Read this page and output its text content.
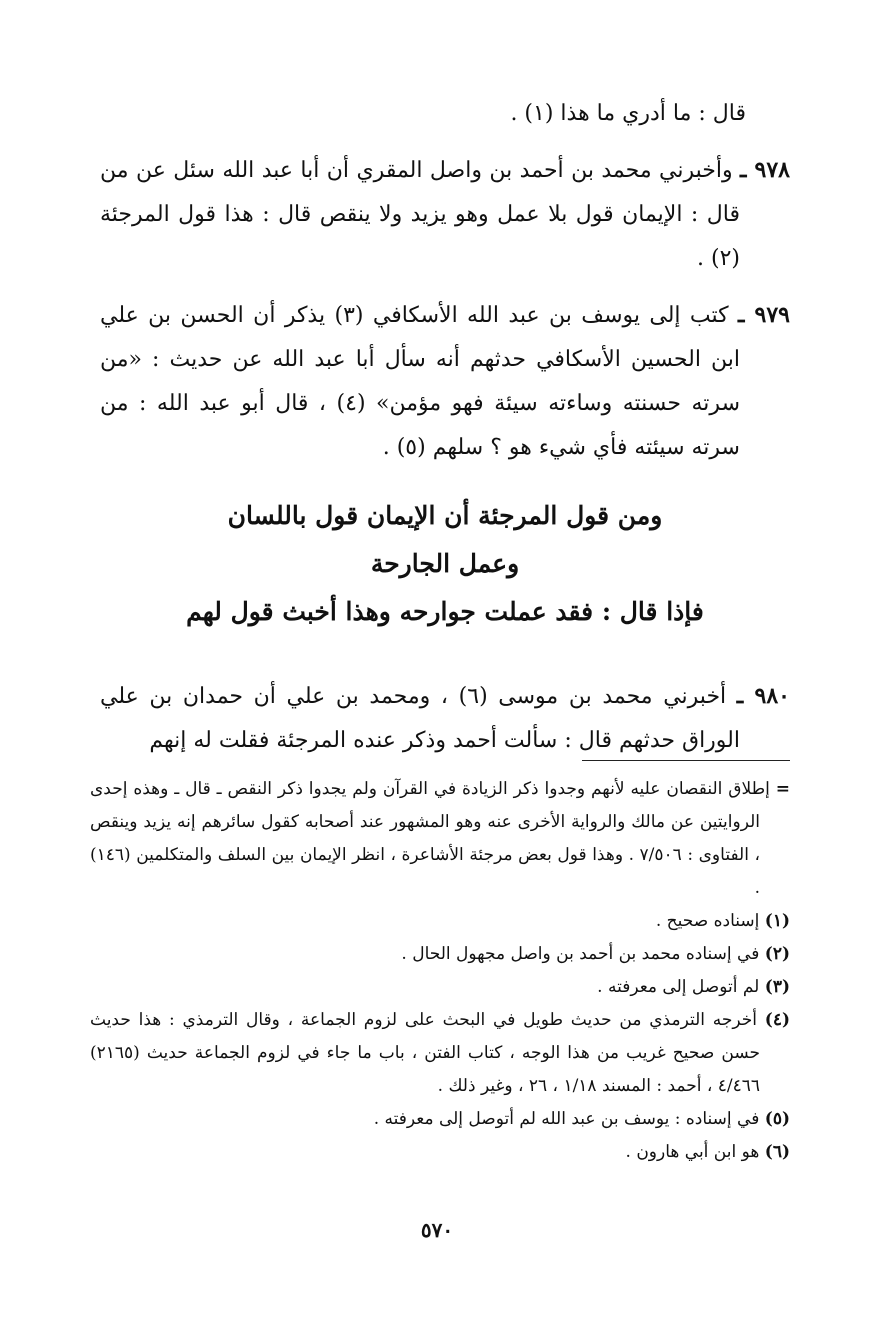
قال : ما أدري ما هذا (١) .

٩٧٨ ـ وأخبرني محمد بن أحمد بن واصل المقري أن أبا عبد الله سئل عن من قال : الإيمان قول بلا عمل وهو يزيد ولا ينقص قال : هذا قول المرجئة (٢) .

٩٧٩ ـ كتب إلى يوسف بن عبد الله الأسكافي (٣) يذكر أن الحسن بن علي ابن الحسين الأسكافي حدثهم أنه سأل أبا عبد الله عن حديث : «من سرته حسنته وساءته سيئة فهو مؤمن» (٤) ، قال أبو عبد الله : من سرته سيئته فأي شيء هو ؟ سلهم (٥) .

ومن قول المرجئة أن الإيمان قول باللسان
وعمل الجارحة
فإذا قال : فقد عملت جوارحه وهذا أخبث قول لهم

٩٨٠ ـ أخبرني محمد بن موسى (٦) ، ومحمد بن علي أن حمدان بن علي الوراق حدثهم قال : سألت أحمد وذكر عنده المرجئة فقلت له إنهم

= إطلاق النقصان عليه لأنهم وجدوا ذكر الزيادة في القرآن ولم يجدوا ذكر النقص ـ قال ـ وهذه إحدى الروايتين عن مالك والرواية الأخرى عنه وهو المشهور عند أصحابه كقول سائرهم إنه يزيد وينقص ، الفتاوى : ٧/٥٠٦ . وهذا قول بعض مرجئة الأشاعرة ، انظر الإيمان بين السلف والمتكلمين (١٤٦) .

(١) إسناده صحيح .

(٢) في إسناده محمد بن أحمد بن واصل مجهول الحال .

(٣) لم أتوصل إلى معرفته .

(٤) أخرجه الترمذي من حديث طويل في البحث على لزوم الجماعة ، وقال الترمذي : هذا حديث حسن صحيح غريب من هذا الوجه ، كتاب الفتن ، باب ما جاء في لزوم الجماعة حديث (٢١٦٥) ٤/٤٦٦ ، أحمد : المسند ١/١٨ ، ٢٦ ، وغير ذلك .

(٥) في إسناده : يوسف بن عبد الله لم أتوصل إلى معرفته .

(٦) هو ابن أبي هارون .

٥٧٠
